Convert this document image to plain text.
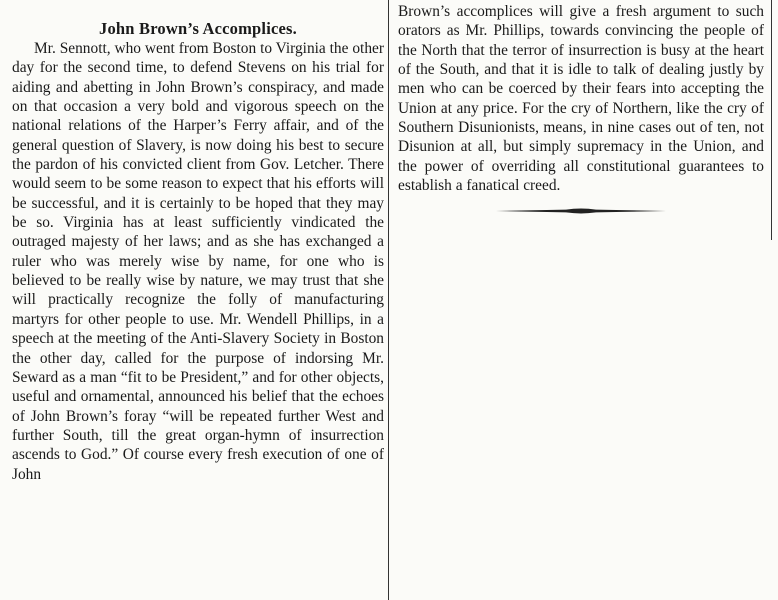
John Brown’s Accomplices.

Mr. Sennott, who went from Boston to Virginia the other day for the second time, to defend Stevens on his trial for aiding and abetting in John Brown’s conspiracy, and made on that occasion a very bold and vigorous speech on the national relations of the Harper’s Ferry affair, and of the general question of Slavery, is now doing his best to secure the pardon of his convicted client from Gov. Letcher. There would seem to be some reason to expect that his efforts will be successful, and it is certainly to be hoped that they may be so. Virginia has at least sufficiently vindicated the outraged majesty of her laws; and as she has exchanged a ruler who was merely wise by name, for one who is believed to be really wise by nature, we may trust that she will practically recognize the folly of manufacturing martyrs for other people to use. Mr. Wendell Phillips, in a speech at the meeting of the Anti-Slavery Society in Boston the other day, called for the purpose of indorsing Mr. Seward as a man “fit to be President,” and for other objects, useful and ornamental, announced his belief that the echoes of John Brown’s foray “will be repeated further West and further South, till the great organ-hymn of insurrection ascends to God.” Of course every fresh execution of one of John

Brown’s accomplices will give a fresh argument to such orators as Mr. Phillips, towards convincing the people of the North that the terror of insurrection is busy at the heart of the South, and that it is idle to talk of dealing justly by men who can be coerced by their fears into accepting the Union at any price. For the cry of Northern, like the cry of Southern Disunionists, means, in nine cases out of ten, not Disunion at all, but simply supremacy in the Union, and the power of overriding all constitutional guarantees to establish a fanatical creed.
